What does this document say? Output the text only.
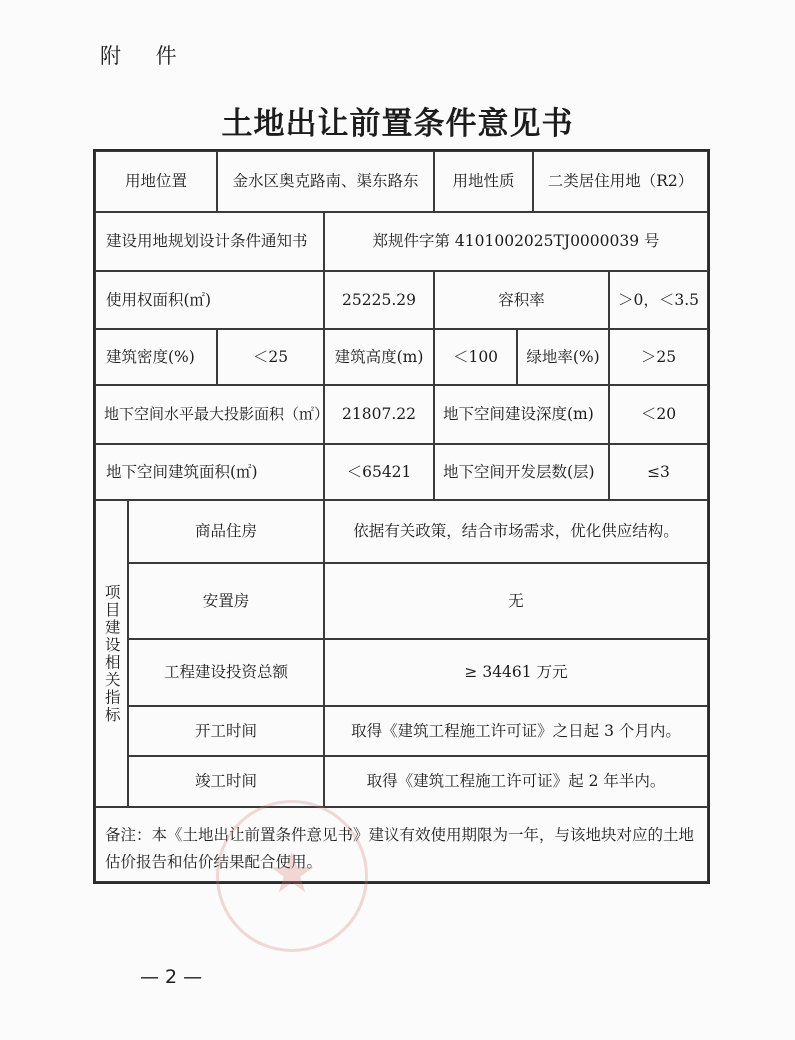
附 件
土地出让前置条件意见书
用地位置	金水区奥克路南、渠东路东	用地性质	二类居住用地（R2）
建设用地规划设计条件通知书	郑规件字第 4101002025TJ0000039 号
使用权面积(㎡)	25225.29	容积率	＞0，＜3.5
建筑密度(%)	＜25	建筑高度(m)	＜100	绿地率(%)	＞25
地下空间水平最大投影面积（㎡） 21807.22	地下空间建设深度(m)	＜20
地下空间建筑面积(㎡)	＜65421	地下空间开发层数(层)	≤3
项目建设相关指标
商品住房	依据有关政策，结合市场需求，优化供应结构。
安置房	无
工程建设投资总额	≥ 34461 万元
开工时间	取得《建筑工程施工许可证》之日起 3 个月内。
竣工时间	取得《建筑工程施工许可证》起 2 年半内。
备注：本《土地出让前置条件意见书》建议有效使用期限为一年，与该地块对应的土地估价报告和估价结果配合使用。
★
— 2 —
